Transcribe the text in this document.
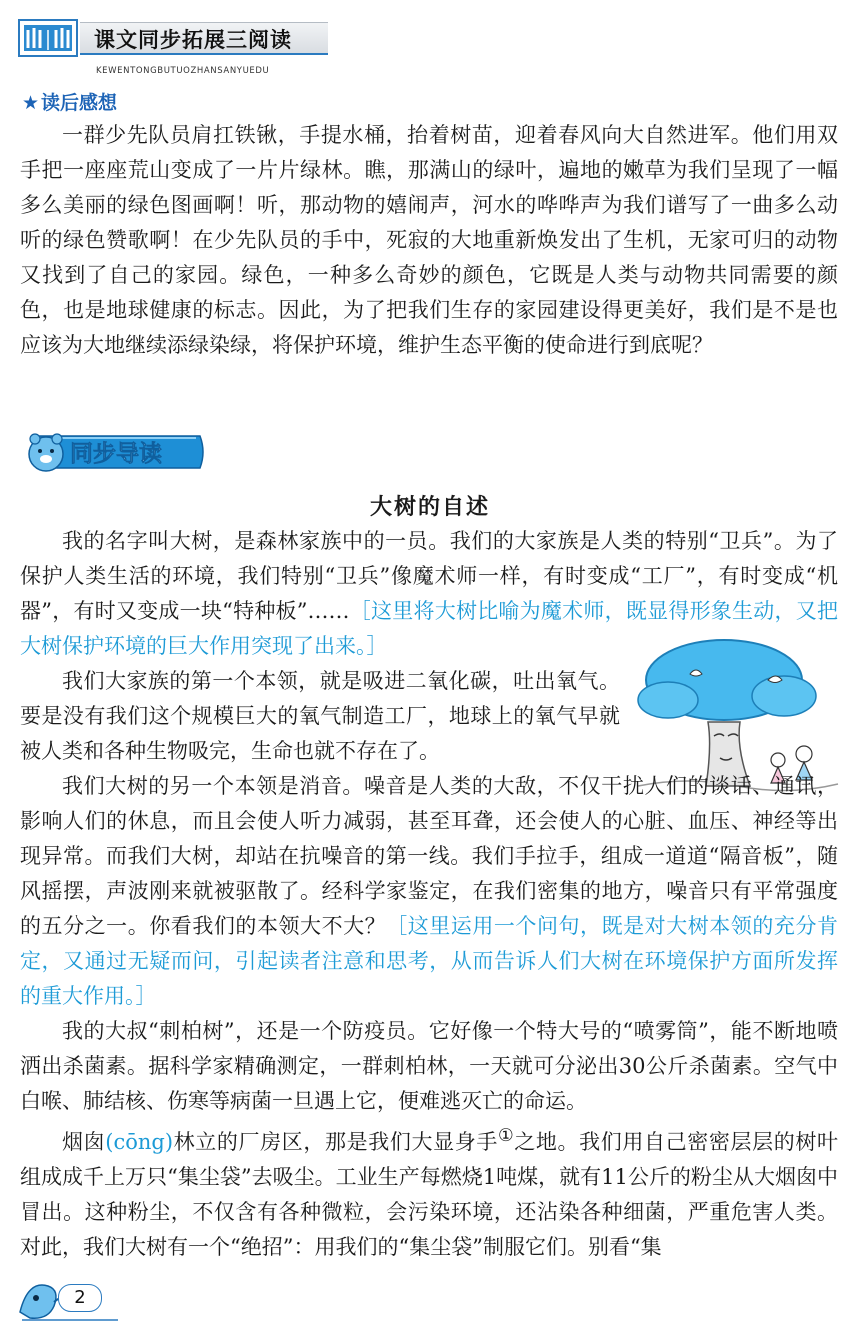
课文同步拓展三阅读
KEWENTONGBUTUOZHANSANYUEDU
★ 读后感想

一群少先队员肩扛铁锹，手提水桶，抬着树苗，迎着春风向大自然进军。他们用双手把一座座荒山变成了一片片绿林。瞧，那满山的绿叶，遍地的嫩草为我们呈现了一幅多么美丽的绿色图画啊！听，那动物的嬉闹声，河水的哗哗声为我们谱写了一曲多么动听的绿色赞歌啊！在少先队员的手中，死寂的大地重新焕发出了生机，无家可归的动物又找到了自己的家园。绿色，一种多么奇妙的颜色，它既是人类与动物共同需要的颜色，也是地球健康的标志。因此，为了把我们生存的家园建设得更美好，我们是不是也应该为大地继续添绿染绿，将保护环境，维护生态平衡的使命进行到底呢？

同步导读
大树的自述

我的名字叫大树，是森林家族中的一员。我们的大家族是人类的特别“卫兵”。为了保护人类生活的环境，我们特别“卫兵”像魔术师一样，有时变成“工厂”，有时变成“机器”，有时又变成一块“特种板”……［这里将大树比喻为魔术师，既显得形象生动，又把大树保护环境的巨大作用突现了出来。］

我们大家族的第一个本领，就是吸进二氧化碳，吐出氧气。要是没有我们这个规模巨大的氧气制造工厂，地球上的氧气早就被人类和各种生物吸完，生命也就不存在了。

我们大树的另一个本领是消音。噪音是人类的大敌，不仅干扰人们的谈话、通讯，影响人们的休息，而且会使人听力减弱，甚至耳聋，还会使人的心脏、血压、神经等出现异常。而我们大树，却站在抗噪音的第一线。我们手拉手，组成一道道“隔音板”，随风摇摆，声波刚来就被驱散了。经科学家鉴定，在我们密集的地方，噪音只有平常强度的五分之一。你看我们的本领大不大？［这里运用一个问句，既是对大树本领的充分肯定，又通过无疑而问，引起读者注意和思考，从而告诉人们大树在环境保护方面所发挥的重大作用。］

我的大叔“刺柏树”，还是一个防疫员。它好像一个特大号的“喷雾筒”，能不断地喷洒出杀菌素。据科学家精确测定，一群刺柏林，一天就可分泌出30公斤杀菌素。空气中白喉、肺结核、伤寒等病菌一旦遇上它，便难逃灭亡的命运。

烟囱(cōng)林立的厂房区，那是我们大显身手①之地。我们用自己密密层层的树叶组成成千上万只“集尘袋”去吸尘。工业生产每燃烧1吨煤，就有11公斤的粉尘从大烟囱中冒出。这种粉尘，不仅含有各种微粒，会污染环境，还沾染各种细菌，严重危害人类。对此，我们大树有一个“绝招”：用我们的“集尘袋”制服它们。别看“集

2
